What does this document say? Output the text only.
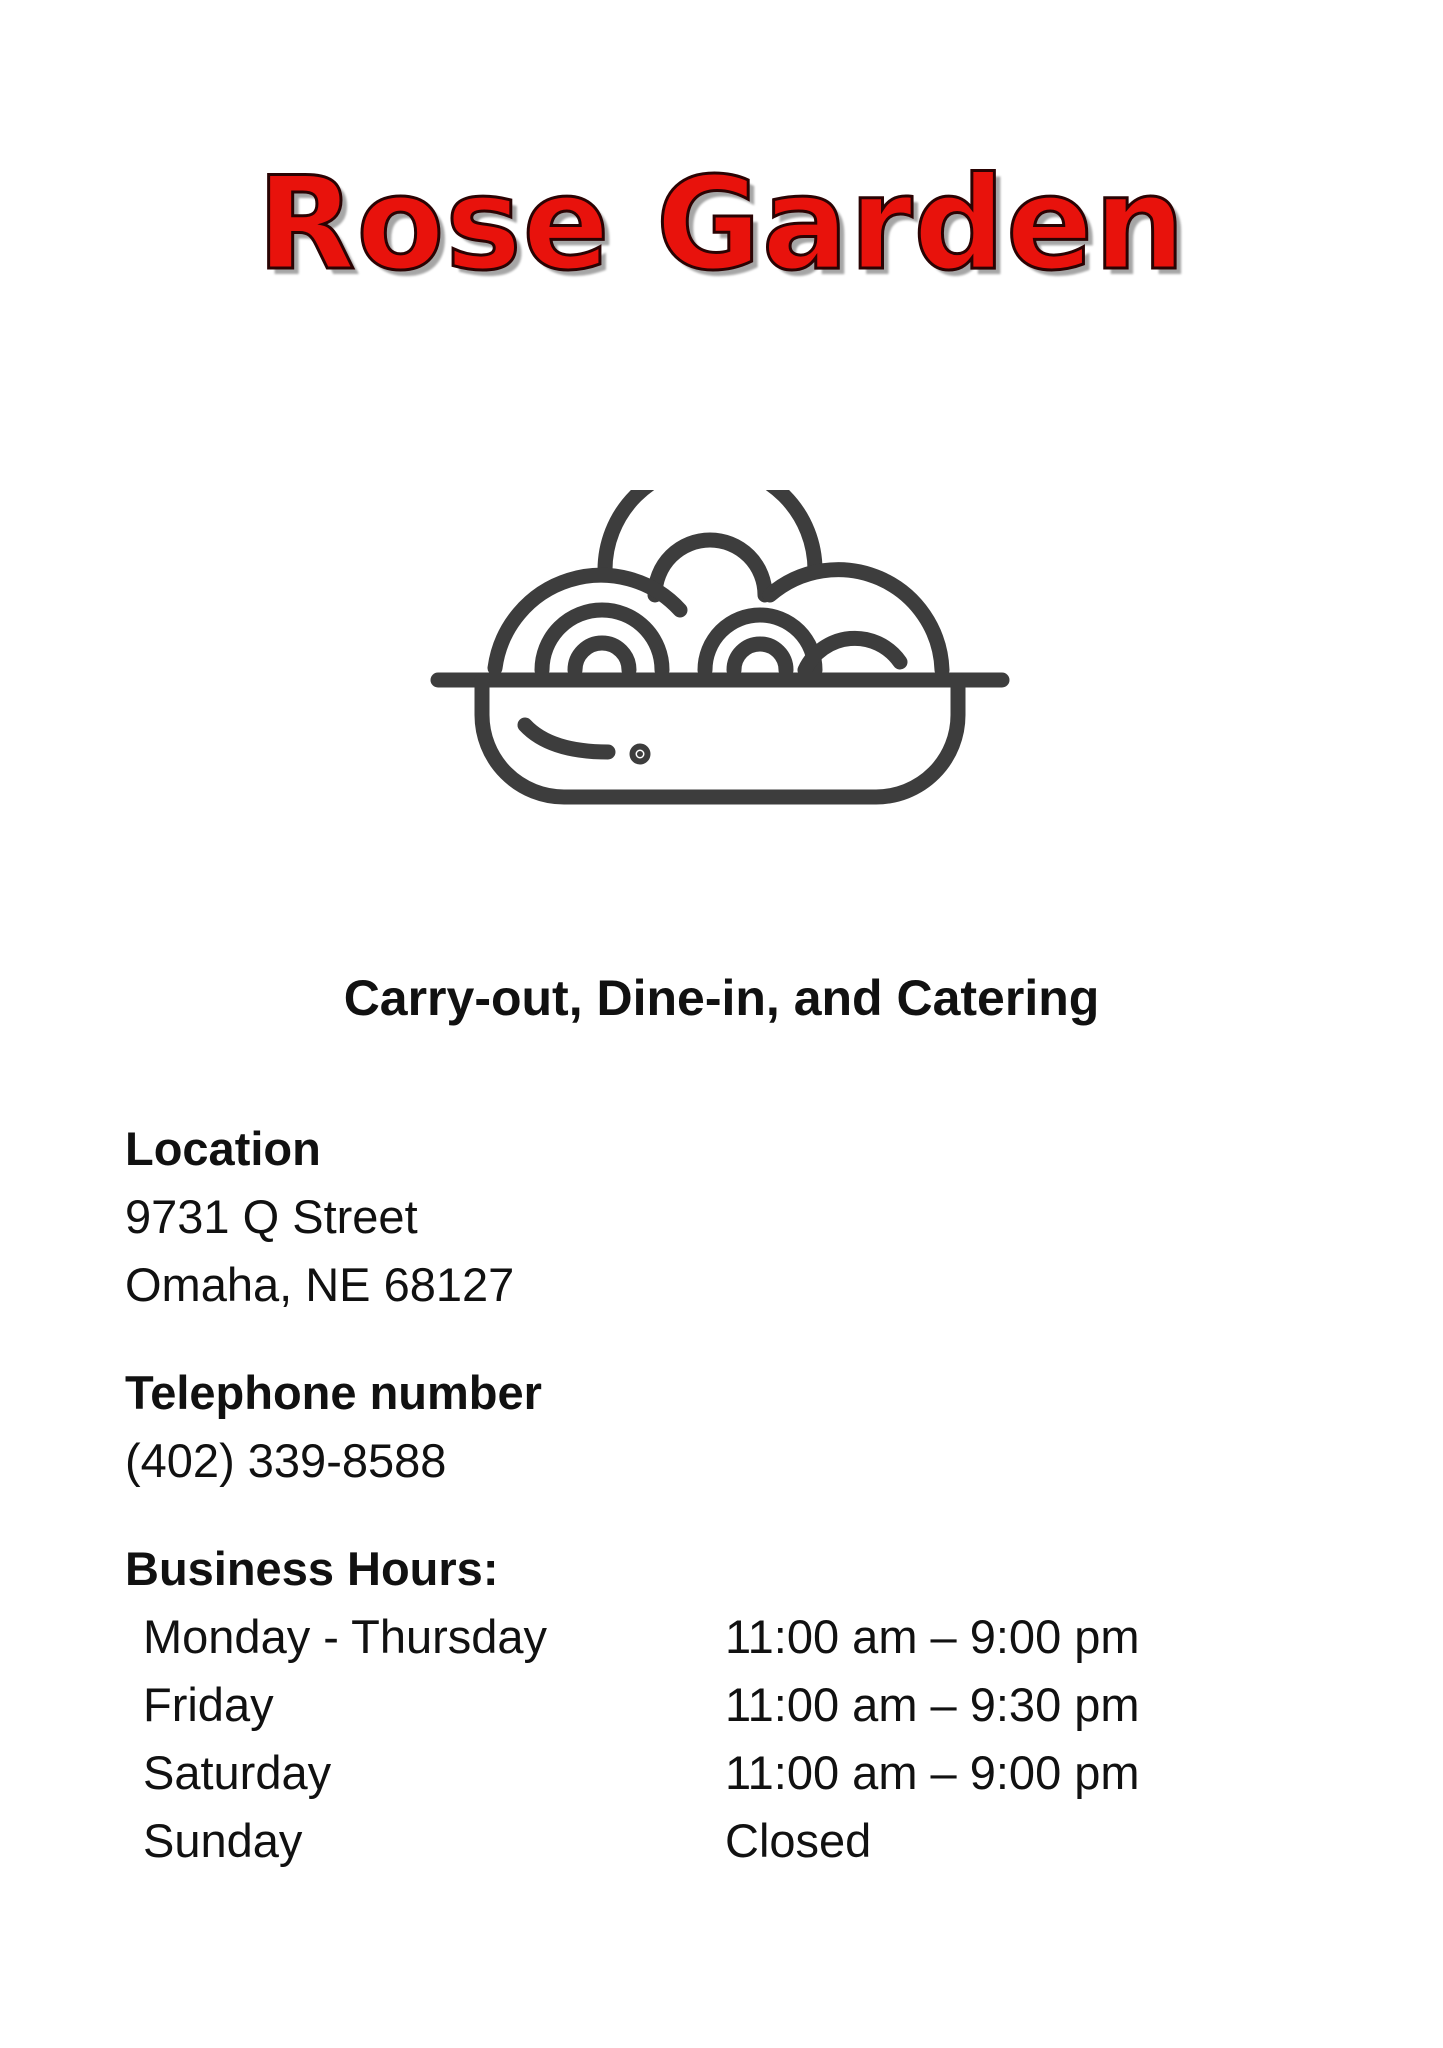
Rose Garden
Carry-out, Dine-in, and Catering

Location

9731 Q Street

Omaha, NE 68127

Telephone number

(402) 339-8588

Business Hours:

Monday - Thursday	11:00 am – 9:00 pm
Friday	11:00 am – 9:30 pm
Saturday	11:00 am – 9:00 pm
Sunday	Closed
